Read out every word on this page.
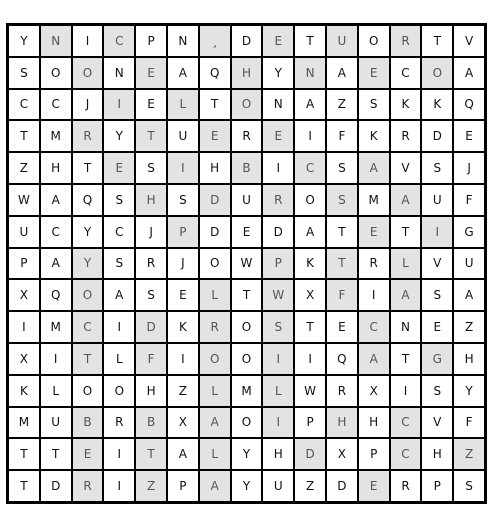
Y	N	I	C	P	N	¸	D	E	T	U	O	R	T	V
S	O	O	N	E	A	Q	H	Y	N	A	E	C	O	A
C	C	J	I	E	L	T	O	N	A	Z	S	K	K	Q
T	M	R	Y	T	U	E	R	E	I	F	K	R	D	E
Z	H	T	E	S	I	H	B	I	C	S	A	V	S	J
W	A	Q	S	H	S	D	U	R	O	S	M	A	U	F
U	C	Y	C	J	P	D	E	D	A	T	E	T	I	G
P	A	Y	S	R	J	O	W	P	K	T	R	L	V	U
X	Q	O	A	S	E	L	T	W	X	F	I	A	S	A
I	M	C	I	D	K	R	O	S	T	E	C	N	E	Z
X	I	T	L	F	I	O	O	I	I	Q	A	T	G	H
K	L	O	O	H	Z	L	M	L	W	R	X	I	S	Y
M	U	B	R	B	X	A	O	I	P	H	H	C	V	F
T	T	E	I	T	A	L	Y	H	D	X	P	C	H	Z
T	D	R	I	Z	P	A	Y	U	Z	D	E	R	P	S
